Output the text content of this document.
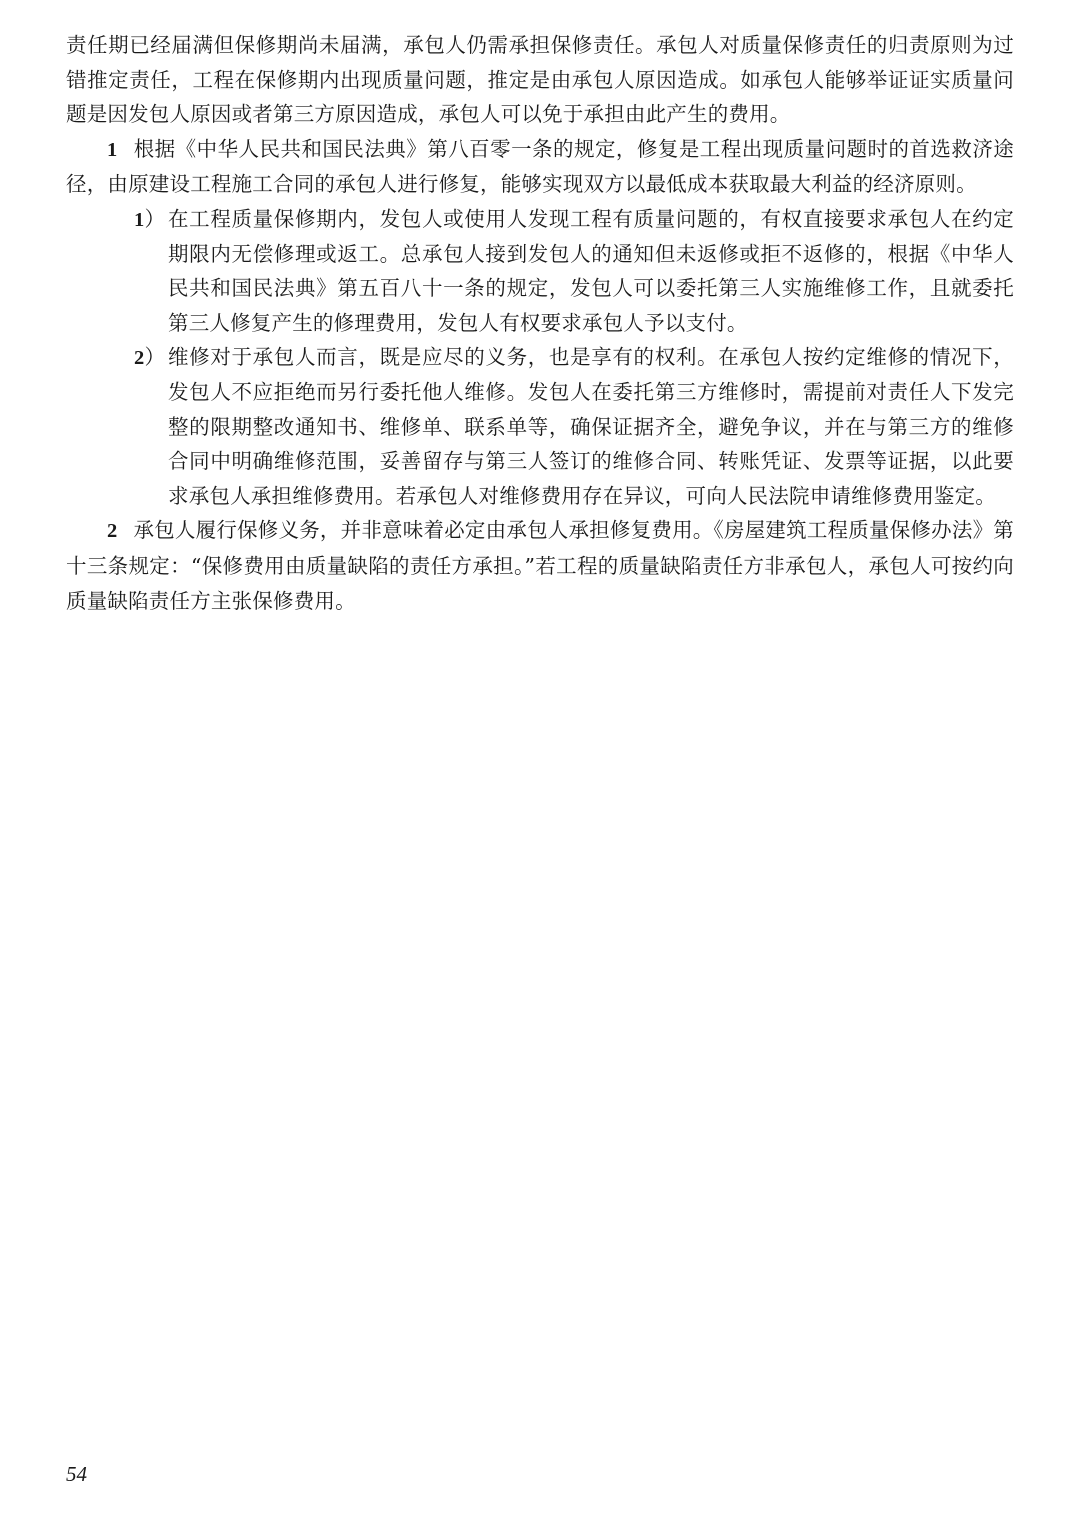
责任期已经届满但保修期尚未届满，承包人仍需承担保修责任。承包人对质量保修责任的归责原则为过错推定责任，工程在保修期内出现质量问题，推定是由承包人原因造成。如承包人能够举证证实质量问题是因发包人原因或者第三方原因造成，承包人可以免于承担由此产生的费用。

1 根据《中华人民共和国民法典》第八百零一条的规定，修复是工程出现质量问题时的首选救济途径，由原建设工程施工合同的承包人进行修复，能够实现双方以最低成本获取最大利益的经济原则。

1） 在工程质量保修期内，发包人或使用人发现工程有质量问题的，有权直接要求承包人在约定期限内无偿修理或返工。总承包人接到发包人的通知但未返修或拒不返修的，根据《中华人民共和国民法典》第五百八十一条的规定，发包人可以委托第三人实施维修工作，且就委托第三人修复产生的修理费用，发包人有权要求承包人予以支付。

2） 维修对于承包人而言，既是应尽的义务，也是享有的权利。在承包人按约定维修的情况下，发包人不应拒绝而另行委托他人维修。发包人在委托第三方维修时，需提前对责任人下发完整的限期整改通知书、维修单、联系单等，确保证据齐全，避免争议，并在与第三方的维修合同中明确维修范围，妥善留存与第三人签订的维修合同、转账凭证、发票等证据，以此要求承包人承担维修费用。若承包人对维修费用存在异议，可向人民法院申请维修费用鉴定。

2 承包人履行保修义务，并非意味着必定由承包人承担修复费用。《房屋建筑工程质量保修办法》第十三条规定：“保修费用由质量缺陷的责任方承担。”若工程的质量缺陷责任方非承包人，承包人可按约向质量缺陷责任方主张保修费用。

54
